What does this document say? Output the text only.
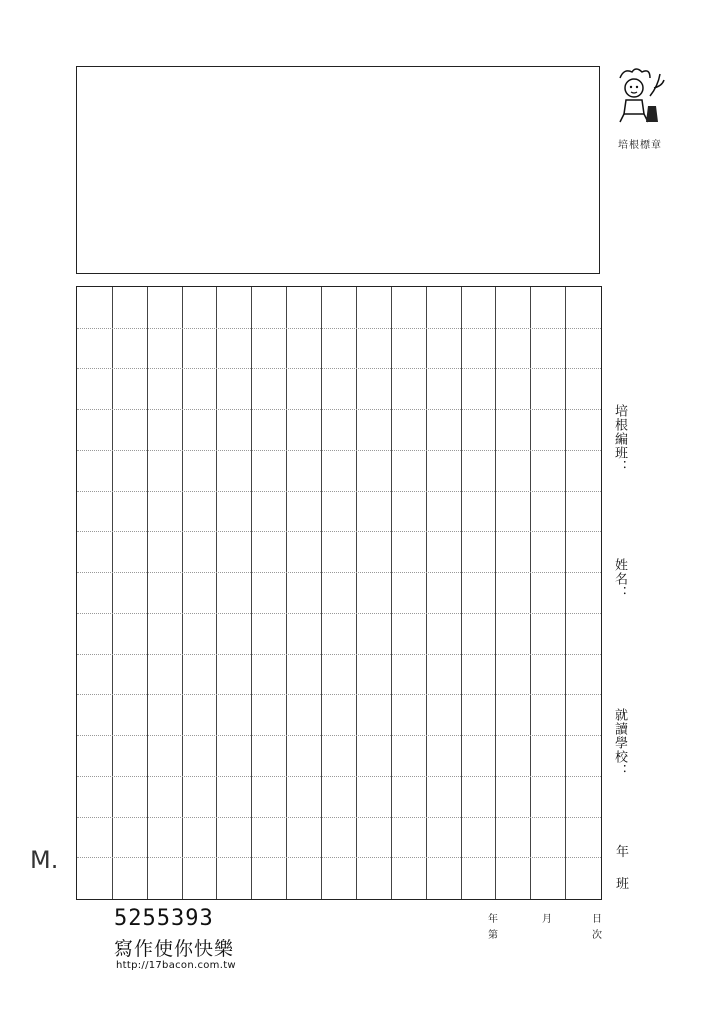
培根標章
培根編班：
姓名：
就讀學校：
年
班
年	月	日
第	次
5255393
寫作使你快樂
http://17bacon.com.tw
M.
